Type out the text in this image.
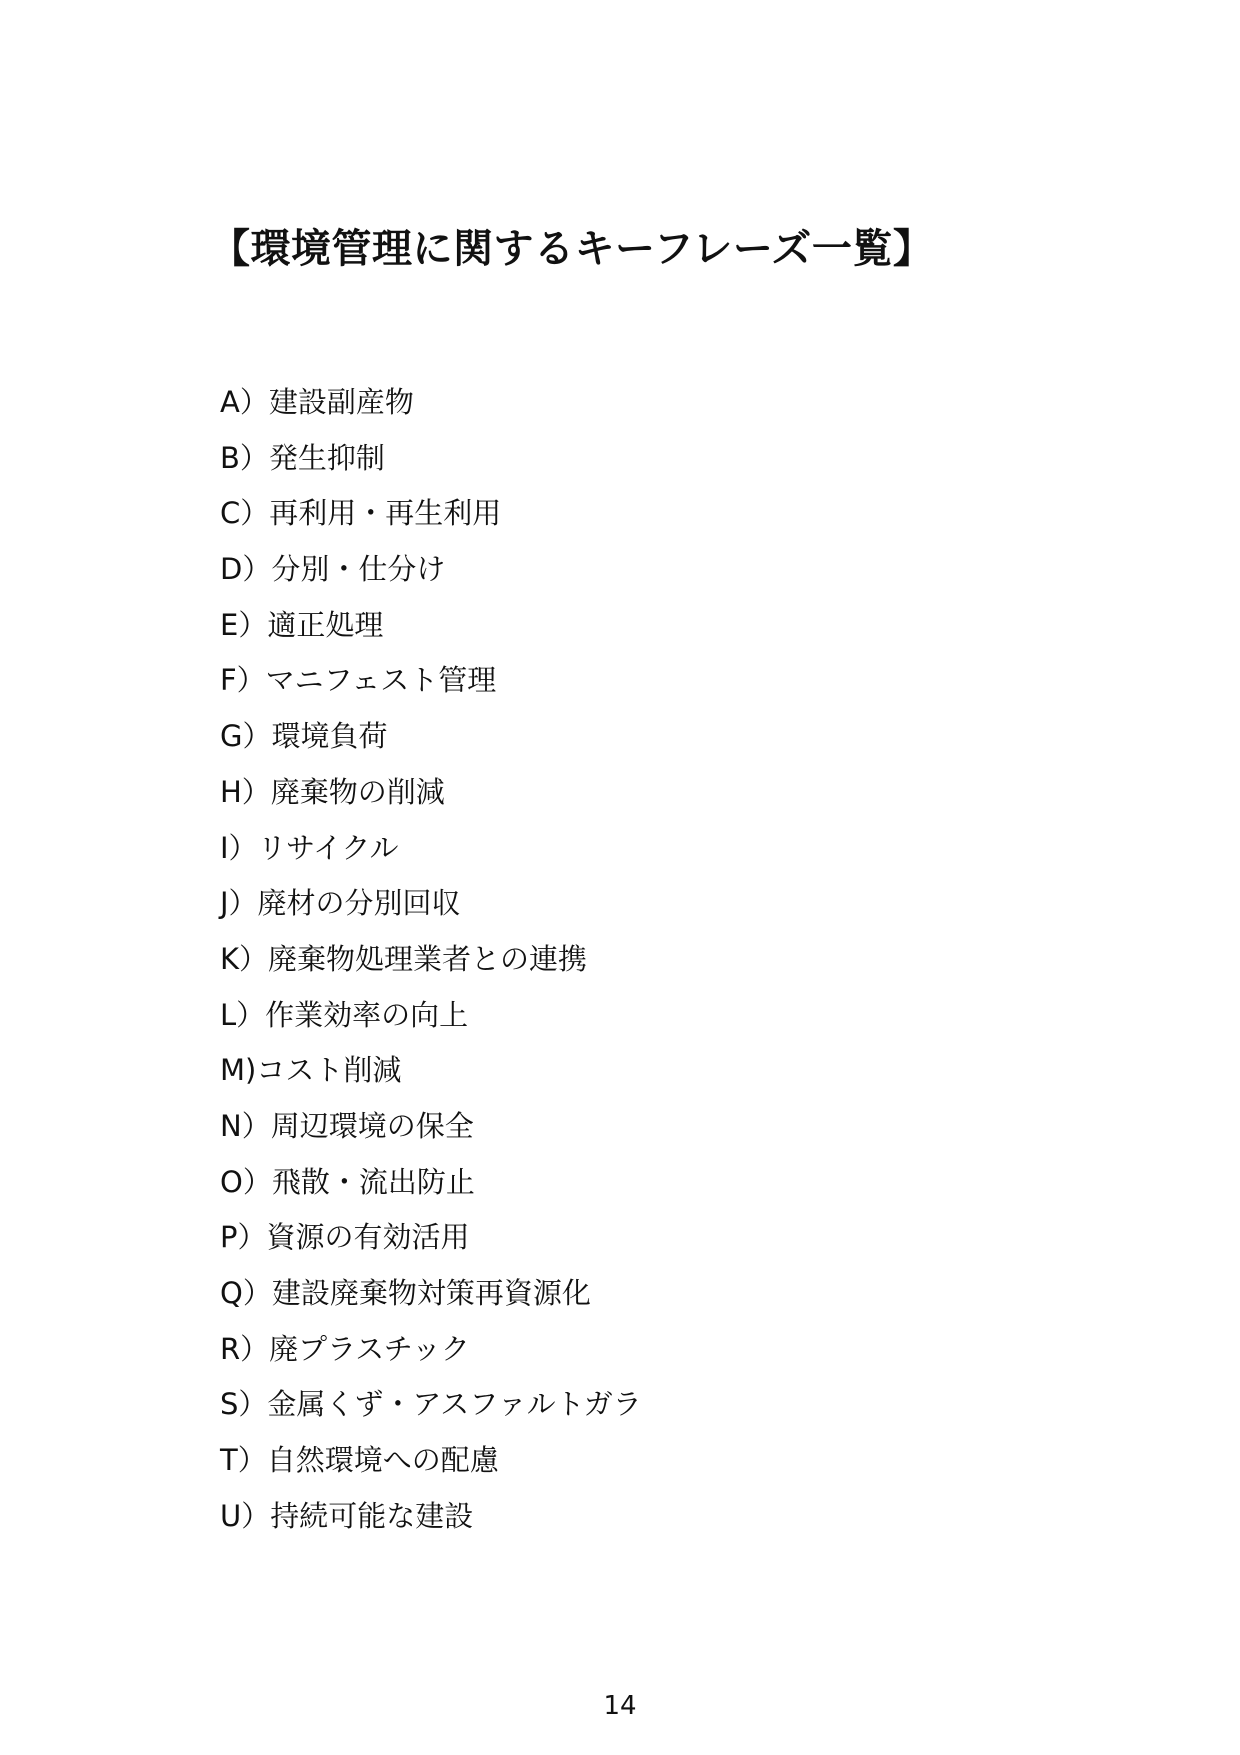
【環境管理に関するキーフレーズ一覧】
A）建設副産物
B）発生抑制
C）再利用・再生利用
D）分別・仕分け
E）適正処理
F）マニフェスト管理
G）環境負荷
H）廃棄物の削減
I）リサイクル
J）廃材の分別回収
K）廃棄物処理業者との連携
L）作業効率の向上
M)コスト削減
N）周辺環境の保全
O）飛散・流出防止
P）資源の有効活用
Q）建設廃棄物対策再資源化
R）廃プラスチック
S）金属くず・アスファルトガラ
T）自然環境への配慮
U）持続可能な建設
14
